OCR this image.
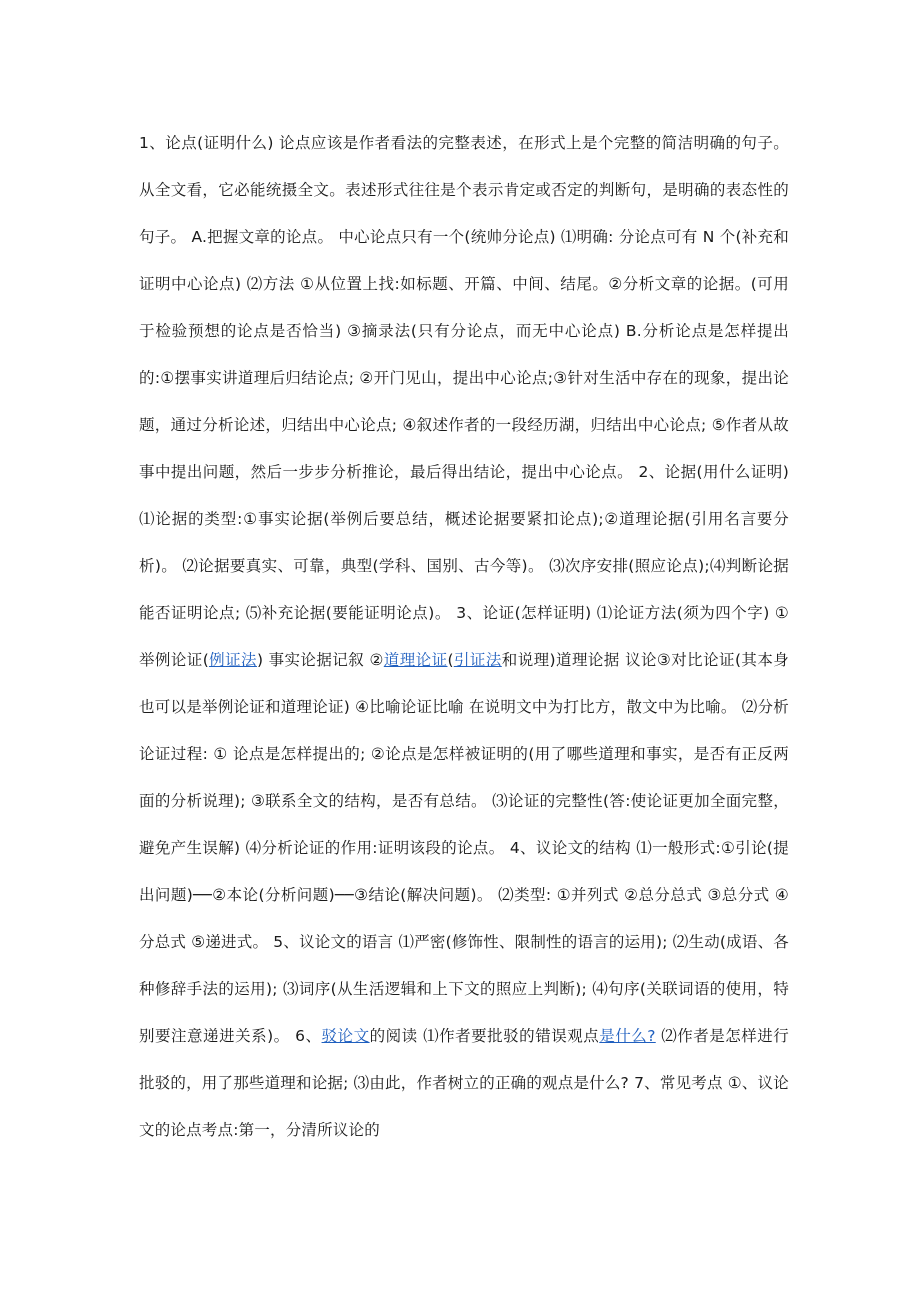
1、论点(证明什么) 论点应该是作者看法的完整表述，在形式上是个完整的简洁明确的句子。从全文看，它必能统摄全文。表述形式往往是个表示肯定或否定的判断句，是明确的表态性的句子。 A.把握文章的论点。 中心论点只有一个(统帅分论点) ⑴明确: 分论点可有 N 个(补充和证明中心论点) ⑵方法 ①从位置上找:如标题、开篇、中间、结尾。②分析文章的论据。(可用于检验预想的论点是否恰当) ③摘录法(只有分论点，而无中心论点) B.分析论点是怎样提出的:①摆事实讲道理后归结论点; ②开门见山，提出中心论点;③针对生活中存在的现象，提出论题，通过分析论述，归结出中心论点; ④叙述作者的一段经历湖，归结出中心论点; ⑤作者从故事中提出问题，然后一步步分析推论，最后得出结论，提出中心论点。 2、论据(用什么证明) ⑴论据的类型:①事实论据(举例后要总结，概述论据要紧扣论点);②道理论据(引用名言要分析)。 ⑵论据要真实、可靠，典型(学科、国别、古今等)。 ⑶次序安排(照应论点);⑷判断论据能否证明论点; ⑸补充论据(要能证明论点)。 3、论证(怎样证明) ⑴论证方法(须为四个字) ①举例论证(例证法) 事实论据记叙 ②道理论证(引证法和说理)道理论据 议论③对比论证(其本身也可以是举例论证和道理论证) ④比喻论证比喻 在说明文中为打比方，散文中为比喻。 ⑵分析论证过程: ① 论点是怎样提出的; ②论点是怎样被证明的(用了哪些道理和事实，是否有正反两面的分析说理); ③联系全文的结构，是否有总结。 ⑶论证的完整性(答:使论证更加全面完整，避免产生误解) ⑷分析论证的作用:证明该段的论点。 4、议论文的结构 ⑴一般形式:①引论(提出问题)──②本论(分析问题)──③结论(解决问题)。 ⑵类型: ①并列式 ②总分总式 ③总分式 ④分总式 ⑤递进式。 5、议论文的语言 ⑴严密(修饰性、限制性的语言的运用); ⑵生动(成语、各种修辞手法的运用); ⑶词序(从生活逻辑和上下文的照应上判断); ⑷句序(关联词语的使用，特别要注意递进关系)。 6、驳论文的阅读 ⑴作者要批驳的错误观点是什么? ⑵作者是怎样进行批驳的，用了那些道理和论据; ⑶由此，作者树立的正确的观点是什么? 7、常见考点 ①、议论文的论点考点:第一，分清所议论的
